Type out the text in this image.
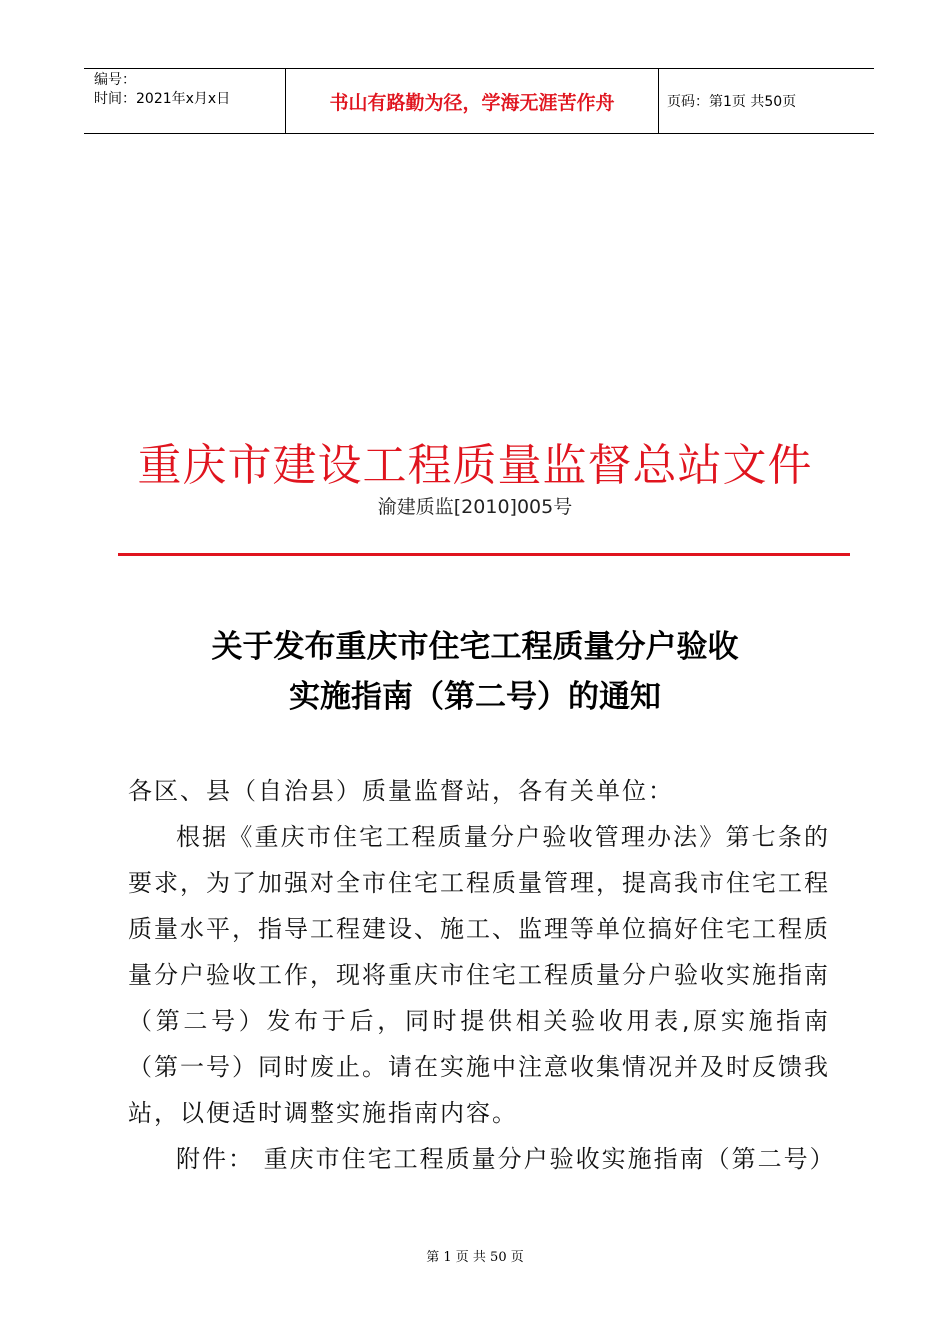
编号：
时间：2021年x月x日	书山有路勤为径，学海无涯苦作舟	页码：第1页 共50页
重庆市建设工程质量监督总站文件
渝建质监[2010]005号
关于发布重庆市住宅工程质量分户验收
实施指南（第二号）的通知

各区、县（自治县）质量监督站，各有关单位：

根据《重庆市住宅工程质量分户验收管理办法》第七条的要求，为了加强对全市住宅工程质量管理，提高我市住宅工程质量水平，指导工程建设、施工、监理等单位搞好住宅工程质量分户验收工作，现将重庆市住宅工程质量分户验收实施指南（第二号）发布于后，同时提供相关验收用表,原实施指南（第一号）同时废止。请在实施中注意收集情况并及时反馈我站，以便适时调整实施指南内容。

附件： 重庆市住宅工程质量分户验收实施指南（第二号）

第 1 页 共 50 页
